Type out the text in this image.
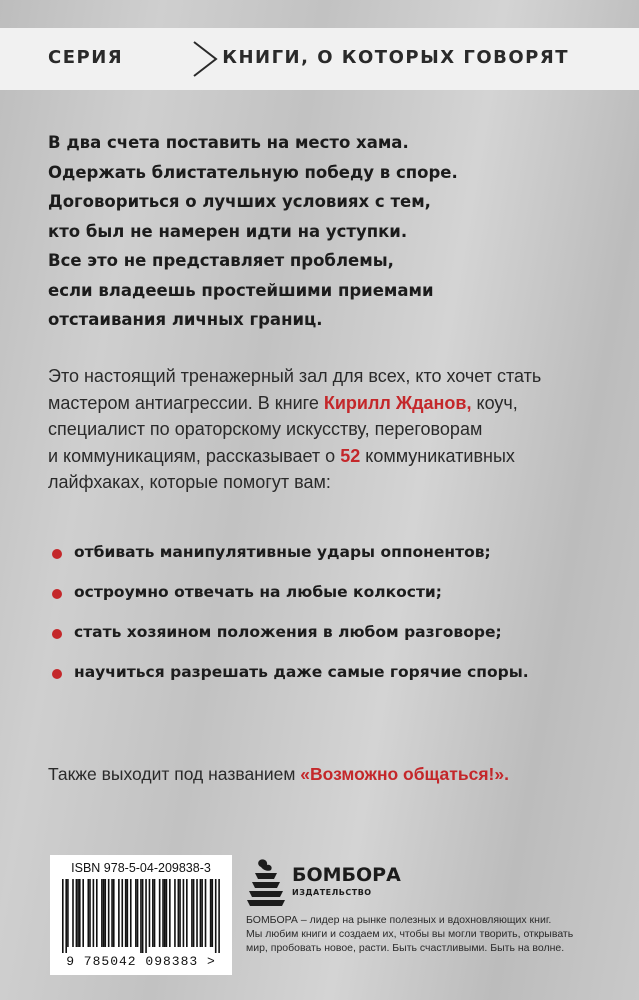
СЕРИЯ	КНИГИ, О КОТОРЫХ ГОВОРЯТ
В два счета поставить на место хама.
Одержать блистательную победу в споре.
Договориться о лучших условиях с тем,
кто был не намерен идти на уступки.
Все это не представляет проблемы,
если владеешь простейшими приемами
отстаивания личных границ.
Это настоящий тренажерный зал для всех, кто хочет стать
мастером антиагрессии. В книге Кирилл Жданов, коуч,
специалист по ораторскому искусству, переговорам
и коммуникациям, рассказывает о 52 коммуникативных
лайфхаках, которые помогут вам:
отбивать манипулятивные удары оппонентов;
остроумно отвечать на любые колкости;
стать хозяином положения в любом разговоре;
научиться разрешать даже самые горячие споры.
Также выходит под названием «Возможно общаться!».
ISBN 978-5-04-209838-3
9 785042 098383 >
БОМБОРА
ИЗДАТЕЛЬСТВО
БОМБОРА – лидер на рынке полезных и вдохновляющих книг.
Мы любим книги и создаем их, чтобы вы могли творить, открывать
мир, пробовать новое, расти. Быть счастливыми. Быть на волне.
